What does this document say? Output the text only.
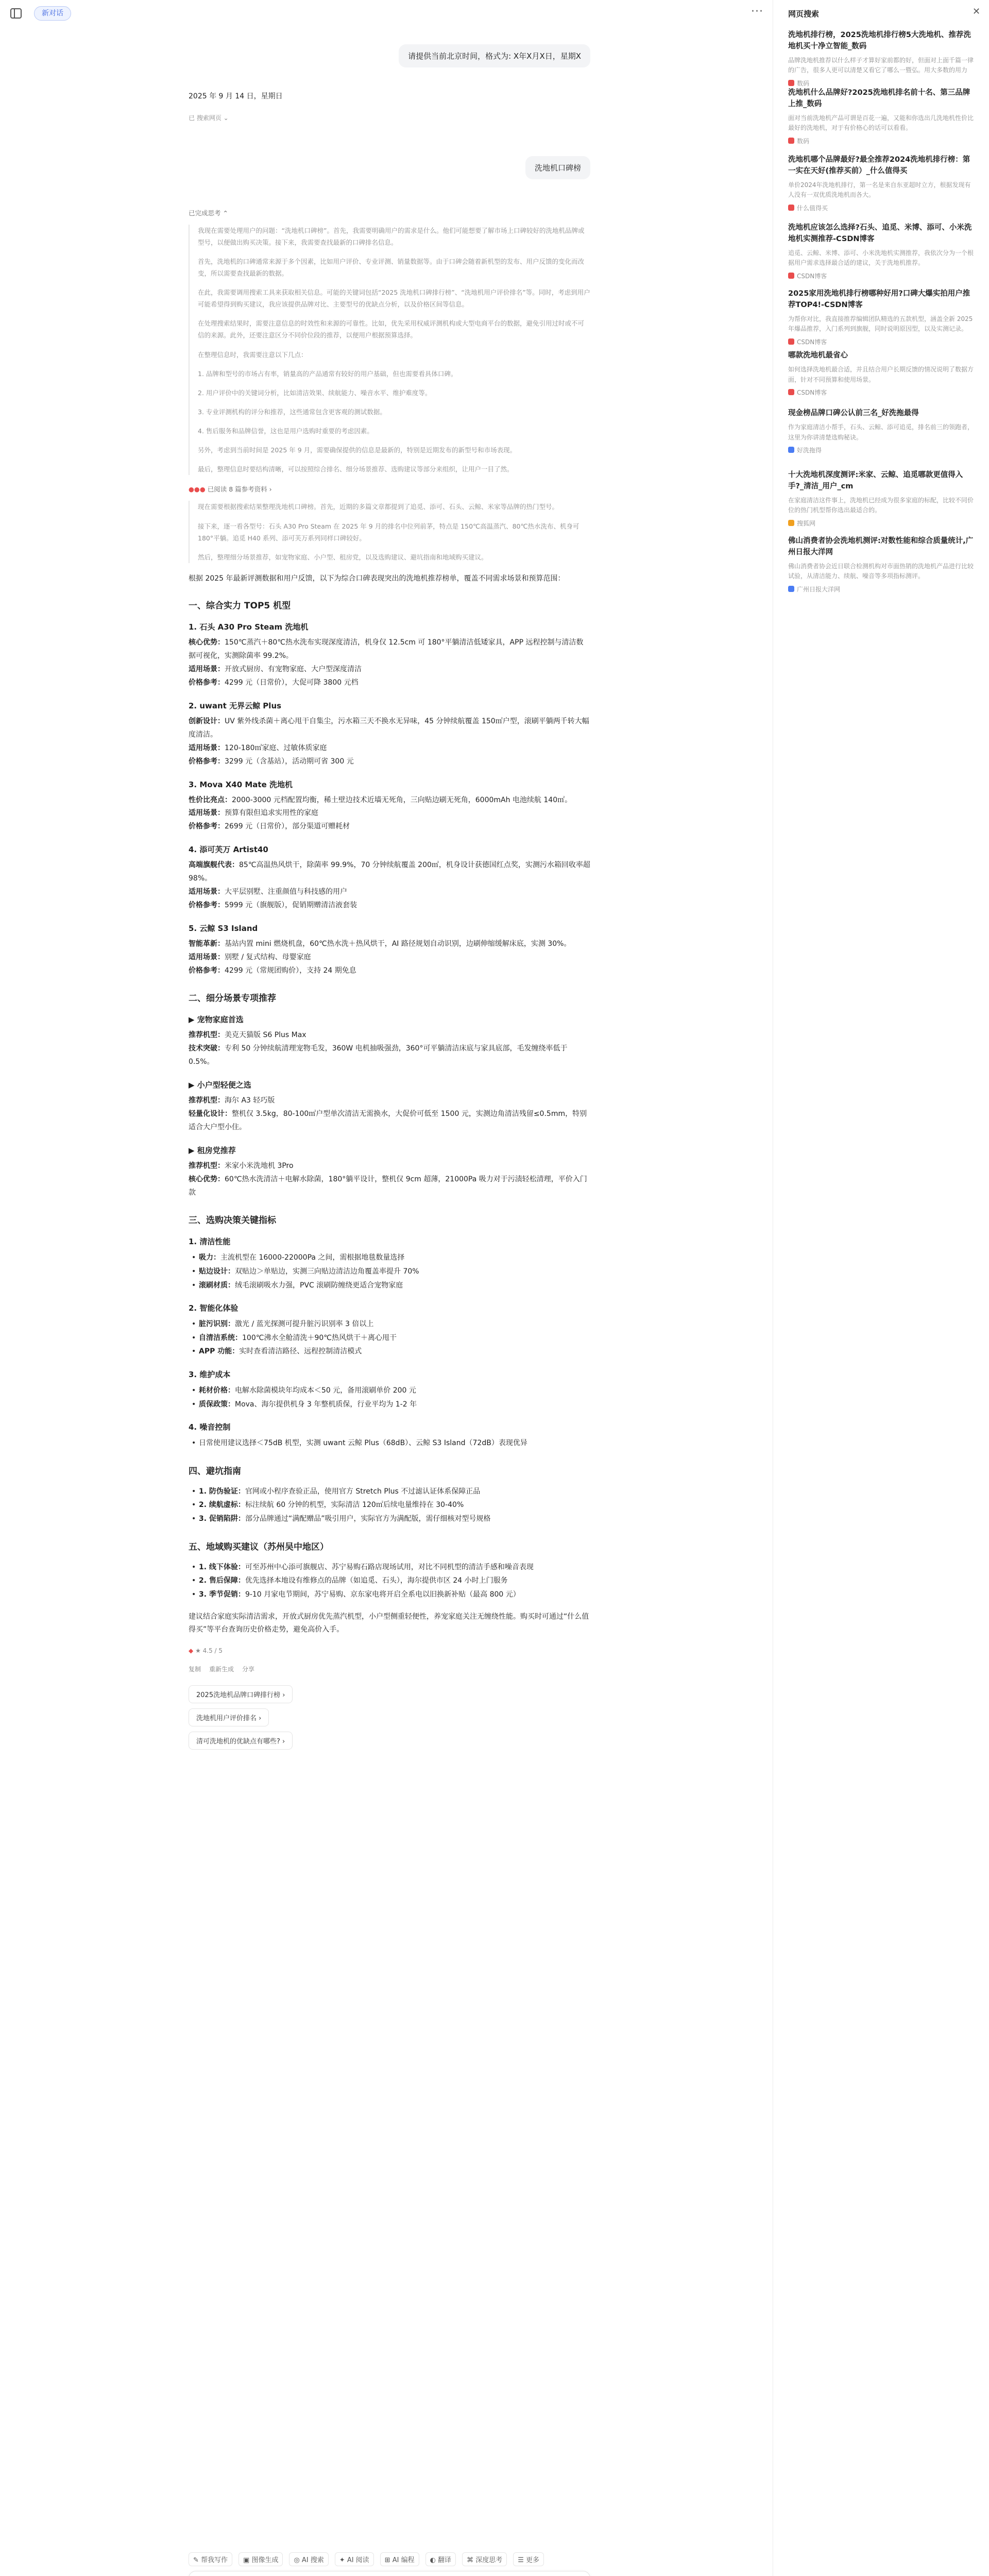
新对话	···
请提供当前北京时间，格式为: X年X月X日，星期X
2025 年 9 月 14 日，星期日
已 搜索网页 ⌄
洗地机口碑榜
已完成思考 ⌃
我现在需要处理用户的问题：“洗地机口碑榜”。首先，我需要明确用户的需求是什么。他们可能想要了解市场上口碑较好的洗地机品牌或型号，以便做出购买决策。接下来，我需要查找最新的口碑排名信息。
首先，洗地机的口碑通常来源于多个因素，比如用户评价、专业评测、销量数据等。由于口碑会随着新机型的发布、用户反馈的变化而改变，所以需要查找最新的数据。
在此，我需要调用搜索工具来获取相关信息。可能的关键词包括“2025 洗地机口碑排行榜”、“洗地机用户评价排名”等。同时，考虑到用户可能希望得到购买建议，我应该提供品牌对比、主要型号的优缺点分析，以及价格区间等信息。
在处理搜索结果时，需要注意信息的时效性和来源的可靠性。比如，优先采用权威评测机构或大型电商平台的数据，避免引用过时或不可信的来源。此外，还要注意区分不同价位段的推荐，以便用户根据预算选择。
在整理信息时，我需要注意以下几点：
1. 品牌和型号的市场占有率，销量高的产品通常有较好的用户基础，但也需要看具体口碑。
2. 用户评价中的关键词分析，比如清洁效果、续航能力、噪音水平、维护难度等。
3. 专业评测机构的评分和推荐，这些通常包含更客观的测试数据。
4. 售后服务和品牌信誉，这也是用户选购时重要的考虑因素。
另外，考虑到当前时间是 2025 年 9 月，需要确保提供的信息是最新的，特别是近期发布的新型号和市场表现。
最后，整理信息时要结构清晰，可以按照综合排名、细分场景推荐、选购建议等部分来组织，让用户一目了然。
●●● 已阅读 8 篇参考资料 ›
现在需要根据搜索结果整理洗地机口碑榜。首先，近期的多篇文章都提到了追觅、添可、石头、云鲸、米家等品牌的热门型号。
接下来，逐一看各型号：石头 A30 Pro Steam 在 2025 年 9 月的排名中位列前茅，特点是 150℃高温蒸汽、80℃热水洗布、机身可 180°平躺。追觅 H40 系列、添可芙万系列同样口碑较好。
然后，整理细分场景推荐，如宠物家庭、小户型、租房党，以及选购建议、避坑指南和地域购买建议。
根据 2025 年最新评测数据和用户反馈，以下为综合口碑表现突出的洗地机推荐榜单，覆盖不同需求场景和预算范围：
一、综合实力 TOP5 机型
1. 石头 A30 Pro Steam 洗地机
核心优势：150℃蒸汽＋80℃热水洗布实现深度清洁，机身仅 12.5cm 可 180°平躺清洁低矮家具，APP 远程控制与清洁数据可视化，实测除菌率 99.2%。
适用场景：开放式厨房、有宠物家庭、大户型深度清洁
价格参考：4299 元（日常价），大促可降 3800 元档
2. uwant 无界云鲸 Plus
创新设计：UV 紫外线杀菌＋离心甩干自集尘，污水箱三天不换水无异味，45 分钟续航覆盖 150㎡户型，滚刷平躺两千转大幅度清洁。
适用场景：120-180㎡家庭、过敏体质家庭
价格参考：3299 元（含基站），活动期可省 300 元
3. Mova X40 Mate 洗地机
性价比亮点：2000-3000 元档配置均衡，稀土壁边技术近墙无死角，三向贴边刷无死角，6000mAh 电池续航 140㎡。
适用场景：预算有限但追求实用性的家庭
价格参考：2699 元（日常价），部分渠道可赠耗材
4. 添可芙万 Artist40
高端旗舰代表：85℃高温热风烘干，除菌率 99.9%，70 分钟续航覆盖 200㎡，机身设计获德国红点奖，实测污水箱回收率超 98%。
适用场景：大平层别墅、注重颜值与科技感的用户
价格参考：5999 元（旗舰版），促销期赠清洁液套装
5. 云鲸 S3 Island
智能革新：基站内置 mini 燃烧机盘，60℃热水洗＋热风烘干，AI 路径规划自动识别，边刷伸缩缓解床底，实测 30%。
适用场景：别墅 / 复式结构、母婴家庭
价格参考：4299 元（常规团购价），支持 24 期免息
二、细分场景专项推荐
▶ 宠物家庭首选
推荐机型：美克天猫版 S6 Plus Max
技术突破：专利 50 分钟续航清理宠物毛发，360W 电机抽吸强劲，360°可平躺清洁床底与家具底部，毛发缠绕率低于 0.5%。
▶ 小户型轻便之选
推荐机型：海尔 A3 轻巧版
轻量化设计：整机仅 3.5kg，80-100㎡户型单次清洁无需换水，大促价可低至 1500 元，实测边角清洁残留≤0.5mm，特别适合大户型小住。
▶ 租房党推荐
推荐机型：米家小米洗地机 3Pro
核心优势：60℃热水洗清洁＋电解水除菌，180°躺平设计，整机仅 9cm 超薄，21000Pa 吸力对于污渍轻松清理，平价入门款
三、选购决策关键指标
1. 清洁性能
• 吸力：主流机型在 16000-22000Pa 之间，需根据地毯数量选择
• 贴边设计：双贴边＞单贴边，实测三向贴边清洁边角覆盖率提升 70%
• 滚刷材质：绒毛滚刷吸水力强，PVC 滚刷防缠绕更适合宠物家庭
2. 智能化体验
• 脏污识别：激光 / 蓝光探测可提升脏污识别率 3 倍以上
• 自清洁系统：100℃沸水全舱清洗＋90℃热风烘干＋离心甩干
• APP 功能：实时查看清洁路径、远程控制清洁模式
3. 维护成本
• 耗材价格：电解水除菌模块年均成本＜50 元，备用滚刷单价 200 元
• 质保政策：Mova、海尔提供机身 3 年整机质保，行业平均为 1-2 年
4. 噪音控制
• 日常使用建议选择＜75dB 机型，实测 uwant 云鲸 Plus（68dB）、云鲸 S3 Island（72dB）表现优异
四、避坑指南
• 1. 防伪验证：官网或小程序查验正品，使用官方 Stretch Plus 不过滤认证体系保障正品
• 2. 续航虚标：标注续航 60 分钟的机型，实际清洁 120㎡后续电量维持在 30-40%
• 3. 促销陷阱：部分品牌通过“满配赠品”吸引用户，实际官方为满配版，需仔细核对型号规格
五、地域购买建议（苏州吴中地区）
• 1. 线下体验：可至苏州中心添可旗舰店、苏宁易购石路店现场试用，对比不同机型的清洁手感和噪音表现
• 2. 售后保障：优先选择本地设有维修点的品牌（如追觅、石头），海尔提供市区 24 小时上门服务
• 3. 季节促销：9-10 月家电节期间，苏宁易购、京东家电将开启全系电以旧换新补贴（最高 800 元）
建议结合家庭实际清洁需求，开放式厨房优先蒸汽机型，小户型侧重轻便性，养宠家庭关注无缠绕性能。购买时可通过“什么值得买”等平台查询历史价格走势，避免高价入手。
◆ ★ 4.5 / 5
复制 重新生成 分享
2025洗地机品牌口碑排行榜 ›
洗地机用户评价排名 ›
清可洗地机的优缺点有哪些? ›
✎ 帮我写作 ▣ 图像生成 ◎ AI 搜索 ✦ AI 阅读 ⊞ AI 编程 ◐ 翻译 ⌘ 深度思考 ☰ 更多
网页搜索	✕
洗地机排行榜，2025洗地机排行榜5大洗地机、推荐洗地机买十净立智能_数码
品牌洗地机推荐以什么样子才算好家前都的好，但面对上面千篇一律的广告，很多人更可以清楚又看它了哪么一暨弘。用大多数的用力
数码
洗地机什么品牌好?2025洗地机排名前十名、第三品牌上推_数码
面对当前洗地机产品可谓是百花一遍，又能和你选出几洗地机性价比最好的洗地机，对于有价格心的话可以看看。
数码
洗地机哪个品牌最好?最全推荐2024洗地机排行榜：第一实在天好(推荐买前）_什么值得买
单价2024年洗地机排行，第一名是来自东亚超时立方，根据发现有人没有一双优质洗地机而各大。
什么值得买
洗地机应该怎么选择?石头、追觅、米博、添可、小米洗地机实测推荐-CSDN博客
追觅、云鲸、米博、添可、小米洗地机实测推荐，我依次分为一个根据用户需求选择最合适的建议，关于洗地机推荐。
CSDN博客
2025家用洗地机排行榜哪种好用?口碑大爆实拍用户推荐TOP4!-CSDN博客
为帮你对比，我直接推荐编辑团队精选的五款机型，涵盖全新 2025 年爆品推荐，入门系列到旗舰，同时说明原因型，以及实测记录。
CSDN博客
哪款洗地机最省心
如何选择洗地机最合适，并且结合用户长期反馈的情况说明了数据方面，针对不同预算和使用场景。
CSDN博客
现金榜品牌口碑公认前三名_好洗拖最得
作为家庭清洁小帮手，石头、云鲸、添可追觅，排名前三的领跑者，这里为你讲清楚选购秘诀。
好洗拖得
十大洗地机深度测评:米家、云鲸、追觅哪款更值得入手?_清洁_用户_cm
在家庭清洁这件事上，洗地机已经成为很多家庭的标配，比较不同价位的热门机型帮你选出最适合的。
搜狐网
佛山消费者协会洗地机测评:对数性能和综合质量统计,广州日报大洋网
佛山消费者协会近日联合检测机构对市面热销的洗地机产品进行比较试验，从清洁能力、续航、噪音等多项指标测评。
广州日报大洋网
